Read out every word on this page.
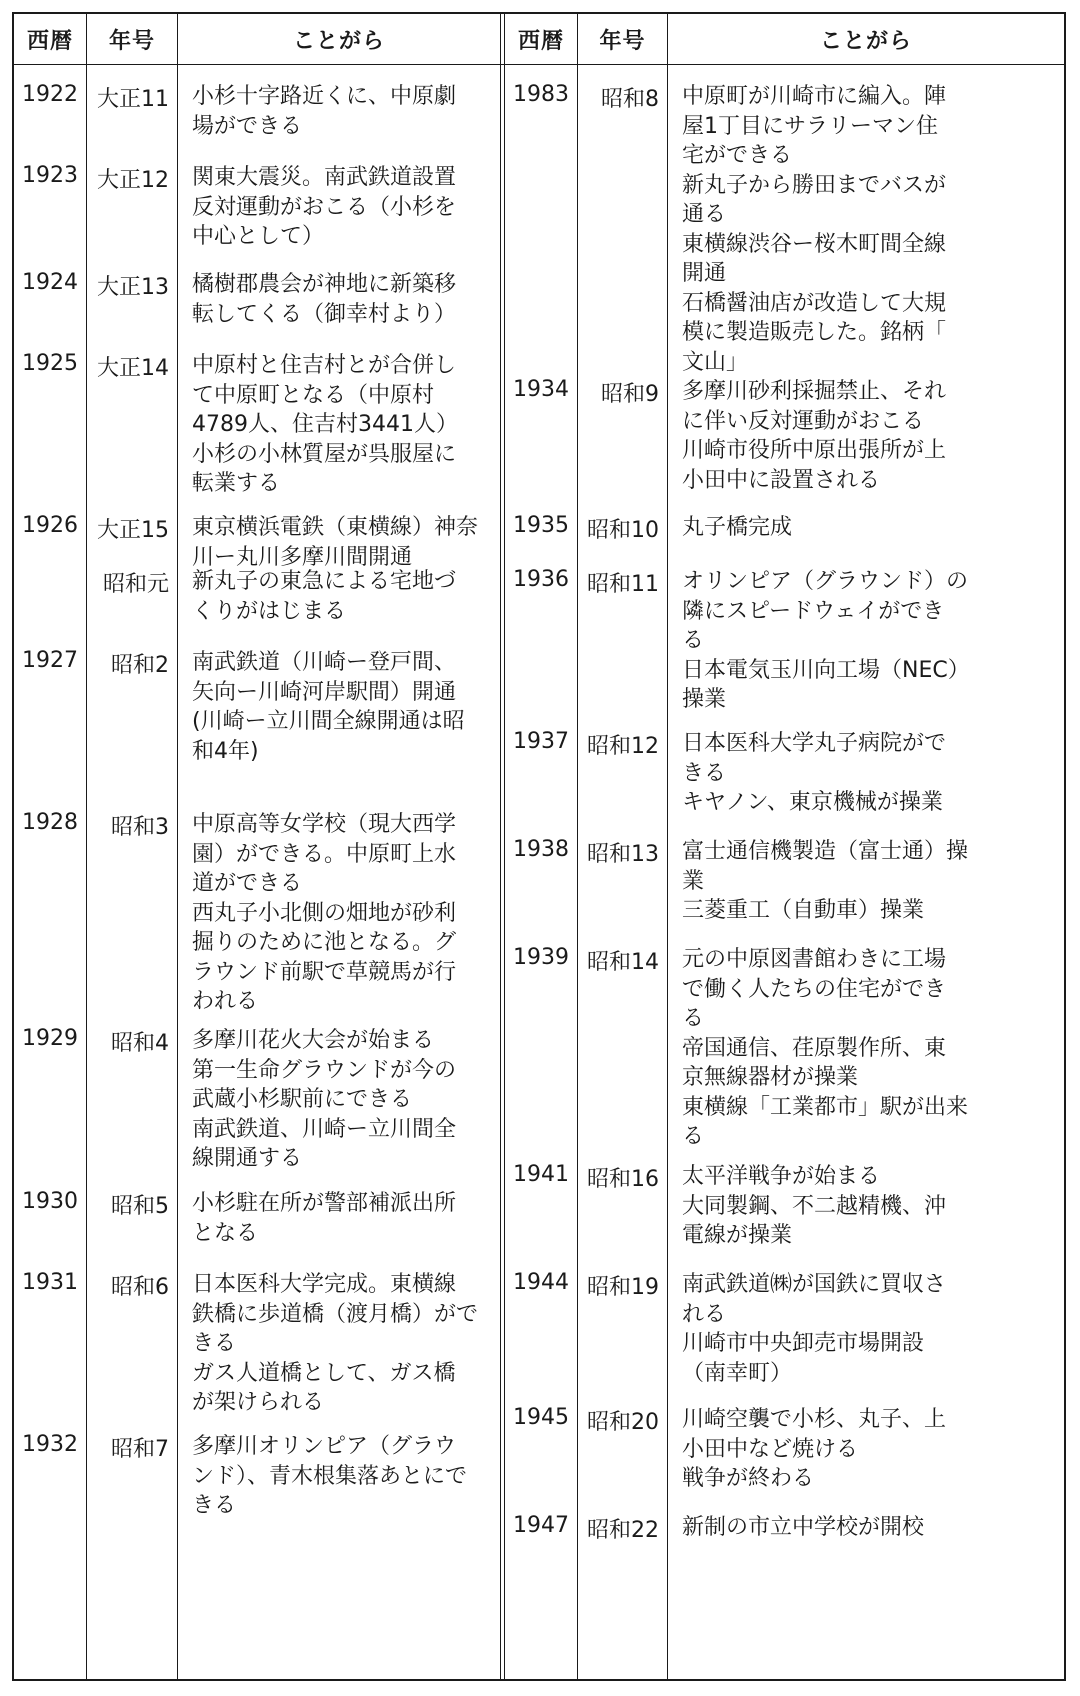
西暦	年号	ことがら	西暦	年号	ことがら
1922 大正11 小杉十字路近くに、中原劇
場ができる
1923 大正12 関東大震災。南武鉄道設置
反対運動がおこる（小杉を
中心として）
1924 大正13 橘樹郡農会が神地に新築移
転してくる（御幸村より）
1925 大正14 中原村と住吉村とが合併し
て中原町となる（中原村
4789人、住吉村3441人）
小杉の小林質屋が呉服屋に
転業する
1926 大正15 東京横浜電鉄（東横線）神奈
川ー丸川多摩川間開通
昭和元 新丸子の東急による宅地づ
くりがはじまる
1927	昭和2 南武鉄道（川崎ー登戸間、
矢向ー川崎河岸駅間）開通
(川崎ー立川間全線開通は昭
和4年)
1928	昭和3 中原高等女学校（現大西学
園）ができる。中原町上水
道ができる
西丸子小北側の畑地が砂利
掘りのために池となる。グ
ラウンド前駅で草競馬が行
われる
1929	昭和4 多摩川花火大会が始まる
第一生命グラウンドが今の
武蔵小杉駅前にできる
南武鉄道、川崎ー立川間全
線開通する
1930	昭和5 小杉駐在所が警部補派出所
となる
1931	昭和6 日本医科大学完成。東横線
鉄橋に歩道橋（渡月橋）がで
きる
ガス人道橋として、ガス橋
が架けられる
1932	昭和7 多摩川オリンピア（グラウ
ンド）、青木根集落あとにで
きる
1983	昭和8 中原町が川崎市に編入。陣
屋1丁目にサラリーマン住
宅ができる
新丸子から勝田までバスが
通る
東横線渋谷ー桜木町間全線
開通
石橋醤油店が改造して大規
模に製造販売した。銘柄「
文山」
1934	昭和9 多摩川砂利採掘禁止、それ
に伴い反対運動がおこる
川崎市役所中原出張所が上
小田中に設置される
1935 昭和10 丸子橋完成
1936 昭和11 オリンピア（グラウンド）の
隣にスピードウェイができ
る
日本電気玉川向工場（NEC）
操業
1937 昭和12 日本医科大学丸子病院がで
きる
キヤノン、東京機械が操業
1938 昭和13 富士通信機製造（富士通）操
業
三菱重工（自動車）操業
1939 昭和14 元の中原図書館わきに工場
で働く人たちの住宅ができ
る
帝国通信、荏原製作所、東
京無線器材が操業
東横線「工業都市」駅が出来
る
1941 昭和16 太平洋戦争が始まる
大同製鋼、不二越精機、沖
電線が操業
1944 昭和19 南武鉄道㈱が国鉄に買収さ
れる
川崎市中央卸売市場開設
（南幸町）
1945 昭和20 川崎空襲で小杉、丸子、上
小田中など焼ける
戦争が終わる
1947 昭和22 新制の市立中学校が開校
